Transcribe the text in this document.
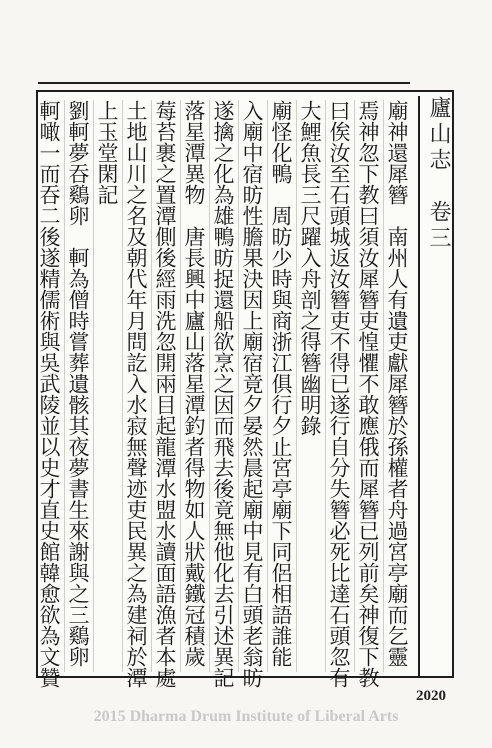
廬山志　卷三
廟神還犀簪　南州人有遺吏獻犀簪於孫權者舟過宮亭廟而乞靈
焉神忽下教曰須汝犀簪吏惶懼不敢應俄而犀簪已列前矣神復下教
曰俟汝至石頭城返汝簪吏不得已遂行自分失簪必死比達石頭忽有
大鯉魚長三尺躍入舟剖之得簪幽明錄
廟怪化鴨　周昉少時與商浙江俱行夕止宮亭廟下同侶相語誰能
入廟中宿昉性膽果決因上廟宿竟夕晏然晨起廟中見有白頭老翁昉
遂擒之化為雄鴨昉捉還船欲烹之因而飛去後竟無他化去引述異記
落星潭異物　唐長興中廬山落星潭釣者得物如人狀戴鐵冠積歲
莓苔裹之置潭側後經雨洗忽開兩目起龍潭水盟水讀面語漁者本處
土地山川之名及朝代年月問訖入水寂無聲迹吏民異之為建祠於潭
上玉堂閑記
劉軻夢吞鷄卵　軻為僧時嘗葬遺骸其夜夢書生來謝與之三鷄卵
軻噉一而吞二後遂精儒術與吳武陵並以史才直史館韓愈欲為文贊
2020
2015 Dharma Drum Institute of Liberal Arts
